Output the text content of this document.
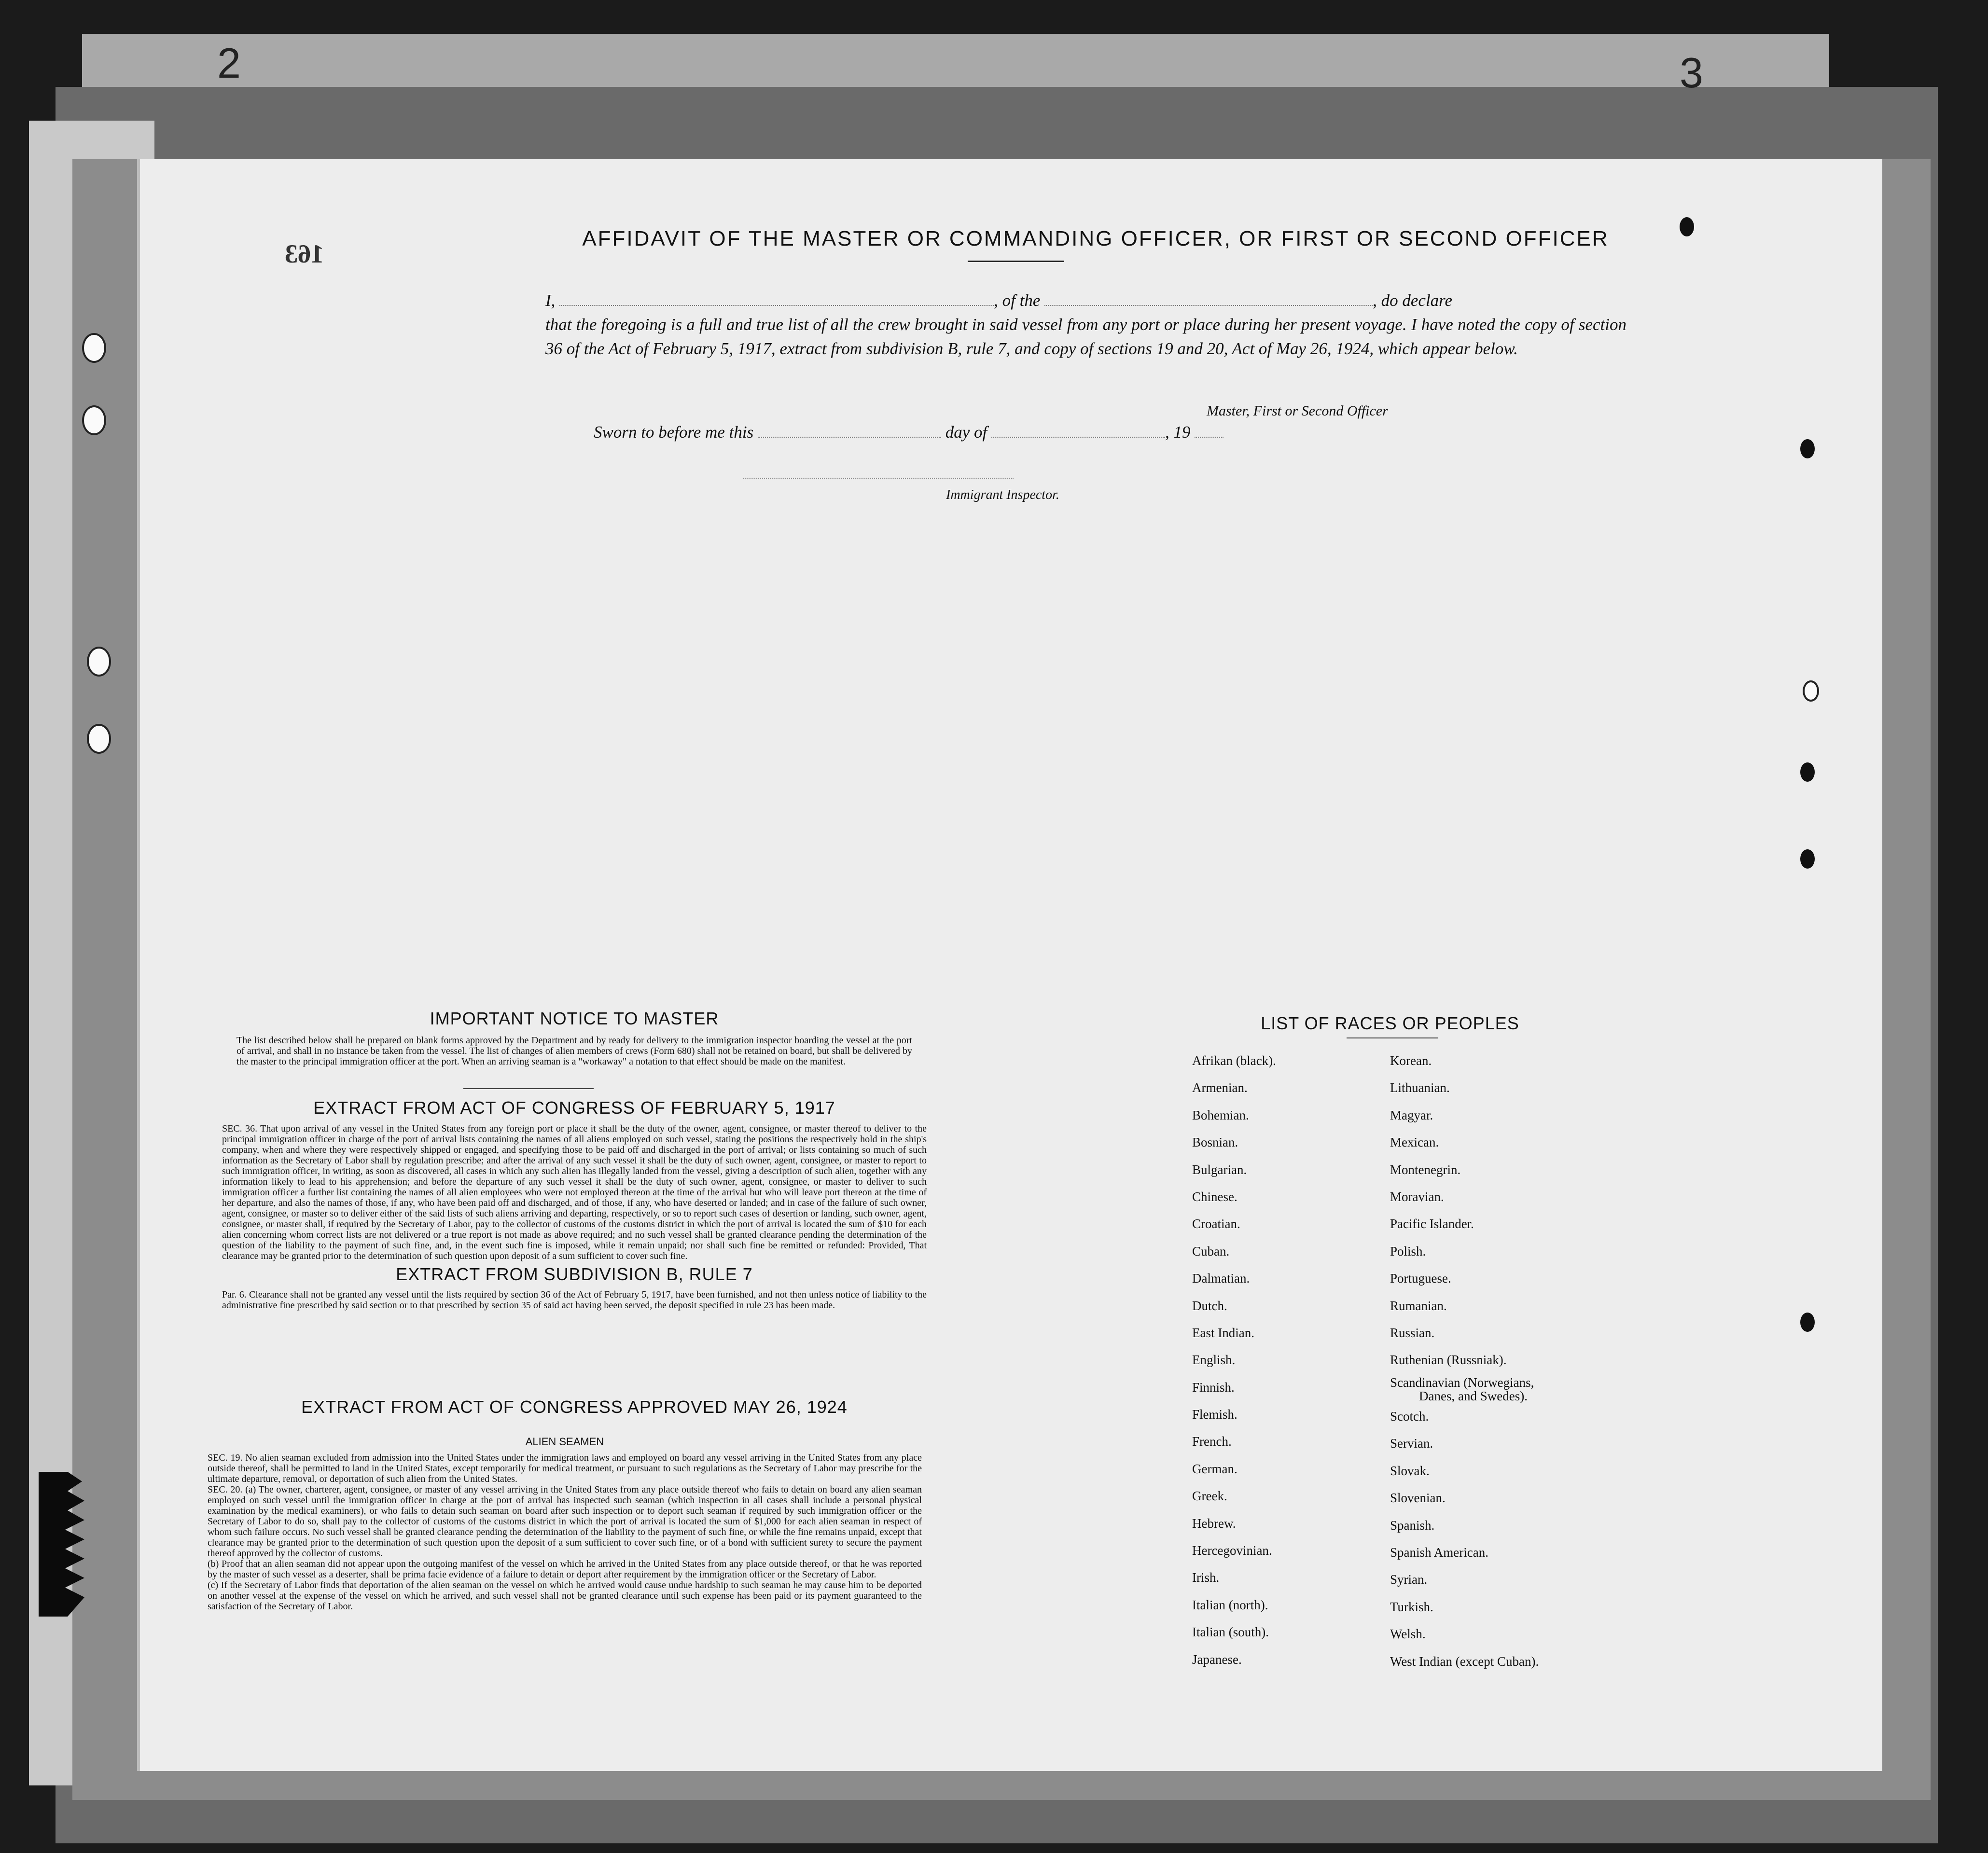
2	3
163
AFFIDAVIT OF THE MASTER OR COMMANDING OFFICER, OR FIRST OR SECOND OFFICER
I,	, of the	, do declare
that the foregoing is a full and true list of all the crew brought in said vessel from any port or place during her present voyage. I have noted the copy of section 36 of the Act of February 5, 1917, extract from subdivision B, rule 7, and copy of sections 19 and 20, Act of May 26, 1924, which appear below.
Master, First or Second Officer
Sworn to before me this	day of	, 19
Immigrant Inspector.
IMPORTANT NOTICE TO MASTER
The list described below shall be prepared on blank forms approved by the Department and by ready for delivery to the immigration inspector boarding the vessel at the port of arrival, and shall in no instance be taken from the vessel. The list of changes of alien members of crews (Form 680) shall not be retained on board, but shall be delivered by the master to the principal immigration officer at the port. When an arriving seaman is a "workaway" a notation to that effect should be made on the manifest.
EXTRACT FROM ACT OF CONGRESS OF FEBRUARY 5, 1917
SEC. 36. That upon arrival of any vessel in the United States from any foreign port or place it shall be the duty of the owner, agent, consignee, or master thereof to deliver to the principal immigration officer in charge of the port of arrival lists containing the names of all aliens employed on such vessel, stating the positions the respectively hold in the ship's company, when and where they were respectively shipped or engaged, and specifying those to be paid off and discharged in the port of arrival; or lists containing so much of such information as the Secretary of Labor shall by regulation prescribe; and after the arrival of any such vessel it shall be the duty of such owner, agent, consignee, or master to report to such immigration officer, in writing, as soon as discovered, all cases in which any such alien has illegally landed from the vessel, giving a description of such alien, together with any information likely to lead to his apprehension; and before the departure of any such vessel it shall be the duty of such owner, agent, consignee, or master to deliver to such immigration officer a further list containing the names of all alien employees who were not employed thereon at the time of the arrival but who will leave port thereon at the time of her departure, and also the names of those, if any, who have been paid off and discharged, and of those, if any, who have deserted or landed; and in case of the failure of such owner, agent, consignee, or master so to deliver either of the said lists of such aliens arriving and departing, respectively, or so to report such cases of desertion or landing, such owner, agent, consignee, or master shall, if required by the Secretary of Labor, pay to the collector of customs of the customs district in which the port of arrival is located the sum of $10 for each alien concerning whom correct lists are not delivered or a true report is not made as above required; and no such vessel shall be granted clearance pending the determination of the question of the liability to the payment of such fine, and, in the event such fine is imposed, while it remain unpaid; nor shall such fine be remitted or refunded: Provided, That clearance may be granted prior to the determination of such question upon deposit of a sum sufficient to cover such fine.
EXTRACT FROM SUBDIVISION B, RULE 7
Par. 6. Clearance shall not be granted any vessel until the lists required by section 36 of the Act of February 5, 1917, have been furnished, and not then unless notice of liability to the administrative fine prescribed by said section or to that prescribed by section 35 of said act having been served, the deposit specified in rule 23 has been made.
EXTRACT FROM ACT OF CONGRESS APPROVED MAY 26, 1924
ALIEN SEAMEN
SEC. 19. No alien seaman excluded from admission into the United States under the immigration laws and employed on board any vessel arriving in the United States from any place outside thereof, shall be permitted to land in the United States, except temporarily for medical treatment, or pursuant to such regulations as the Secretary of Labor may prescribe for the ultimate departure, removal, or deportation of such alien from the United States.
SEC. 20. (a) The owner, charterer, agent, consignee, or master of any vessel arriving in the United States from any place outside thereof who fails to detain on board any alien seaman employed on such vessel until the immigration officer in charge at the port of arrival has inspected such seaman (which inspection in all cases shall include a personal physical examination by the medical examiners), or who fails to detain such seaman on board after such inspection or to deport such seaman if required by such immigration officer or the Secretary of Labor to do so, shall pay to the collector of customs of the customs district in which the port of arrival is located the sum of $1,000 for each alien seaman in respect of whom such failure occurs. No such vessel shall be granted clearance pending the determination of the liability to the payment of such fine, or while the fine remains unpaid, except that clearance may be granted prior to the determination of such question upon the deposit of a sum sufficient to cover such fine, or of a bond with sufficient surety to secure the payment thereof approved by the collector of customs.
(b) Proof that an alien seaman did not appear upon the outgoing manifest of the vessel on which he arrived in the United States from any place outside thereof, or that he was reported by the master of such vessel as a deserter, shall be prima facie evidence of a failure to detain or deport after requirement by the immigration officer or the Secretary of Labor.
(c) If the Secretary of Labor finds that deportation of the alien seaman on the vessel on which he arrived would cause undue hardship to such seaman he may cause him to be deported on another vessel at the expense of the vessel on which he arrived, and such vessel shall not be granted clearance until such expense has been paid or its payment guaranteed to the satisfaction of the Secretary of Labor.
LIST OF RACES OR PEOPLES
Afrikan (black).
Armenian.
Bohemian.
Bosnian.
Bulgarian.
Chinese.
Croatian.
Cuban.
Dalmatian.
Dutch.
East Indian.
English.
Finnish.
Flemish.
French.
German.
Greek.
Hebrew.
Hercegovinian.
Irish.
Italian (north).
Italian (south).
Japanese.
Korean.
Lithuanian.
Magyar.
Mexican.
Montenegrin.
Moravian.
Pacific Islander.
Polish.
Portuguese.
Rumanian.
Russian.
Ruthenian (Russniak).
Scandinavian (Norwegians,
Danes, and Swedes).
Scotch.
Servian.
Slovak.
Slovenian.
Spanish.
Spanish American.
Syrian.
Turkish.
Welsh.
West Indian (except Cuban).
